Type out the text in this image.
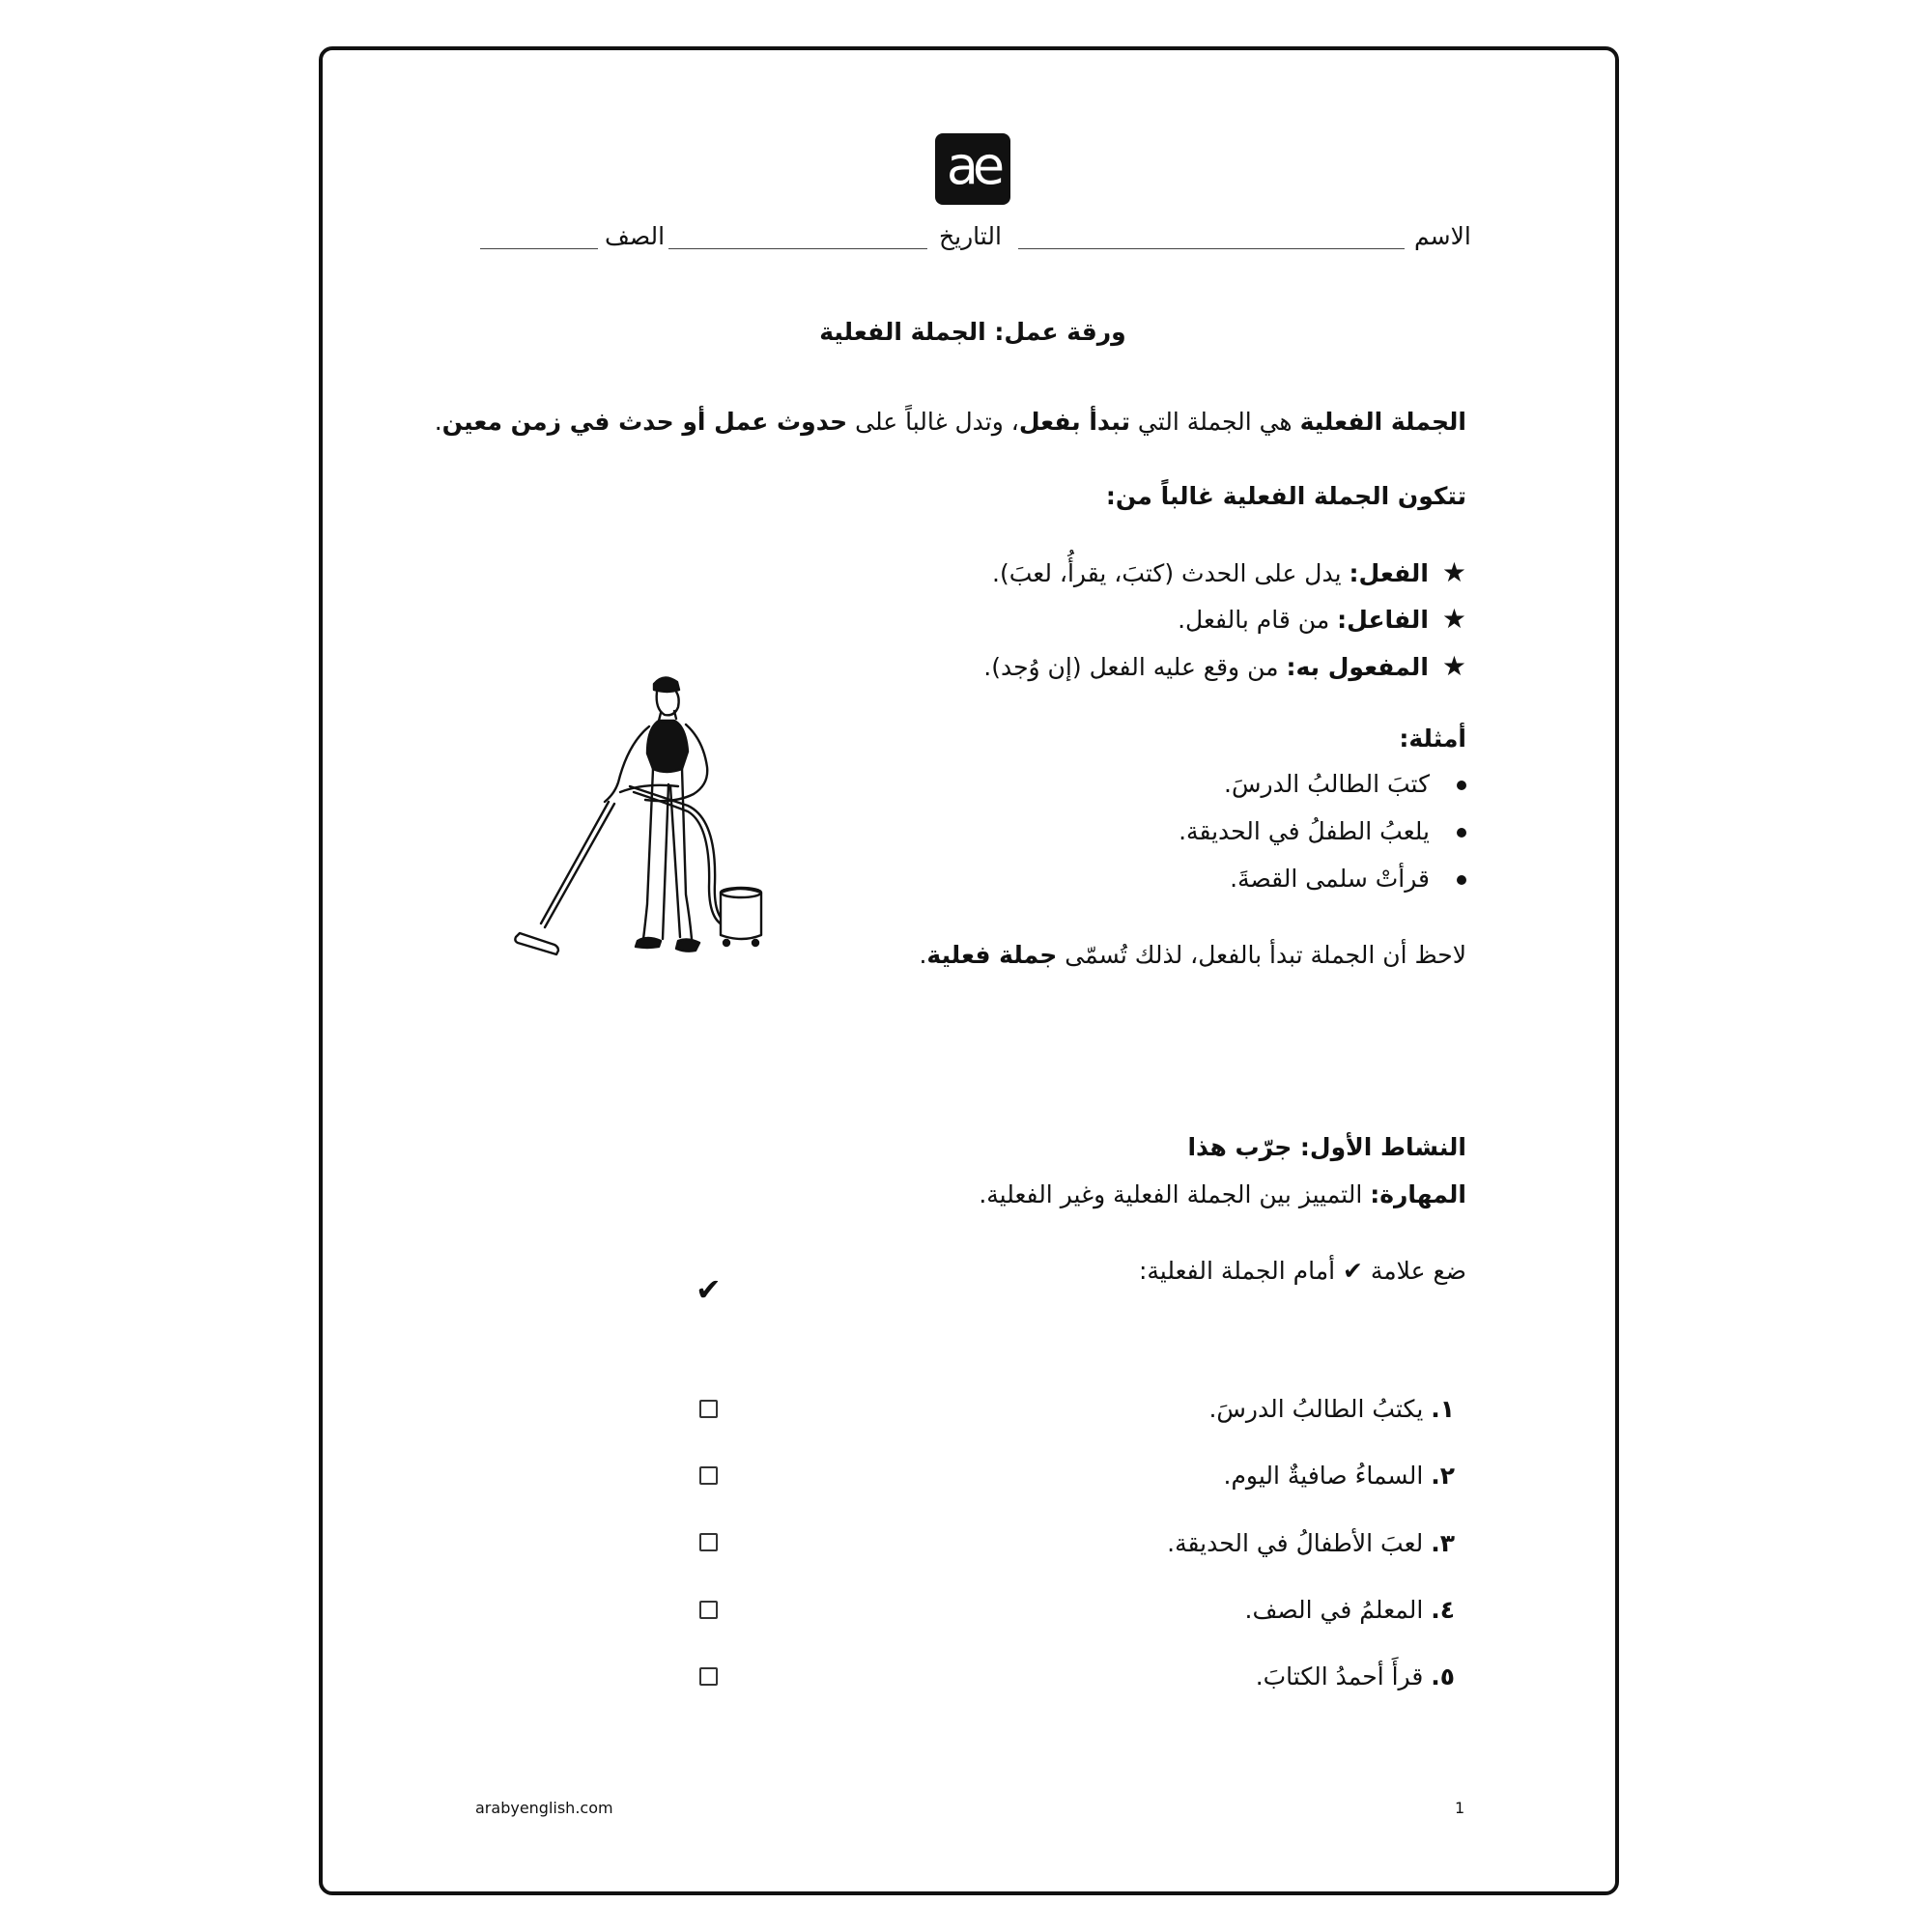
ae
الاسم
التاريخ
الصف
ورقة عمل: الجملة الفعلية
الجملة الفعلية هي الجملة التي تبدأ بفعل، وتدل غالباً على حدوث عمل أو حدث في زمن معين.
تتكون الجملة الفعلية غالباً من:
★الفعل: يدل على الحدث (كتبَ، يقرأُ، لعبَ).
★الفاعل: من قام بالفعل.
★المفعول به: من وقع عليه الفعل (إن وُجد).
أمثلة:
كتبَ الطالبُ الدرسَ.
يلعبُ الطفلُ في الحديقة.
قرأتْ سلمى القصةَ.
لاحظ أن الجملة تبدأ بالفعل، لذلك تُسمّى جملة فعلية.
النشاط الأول: جرّب هذا
المهارة: التمييز بين الجملة الفعلية وغير الفعلية.
ضع علامة ✔ أمام الجملة الفعلية:
✔
١. يكتبُ الطالبُ الدرسَ.
٢. السماءُ صافيةٌ اليوم.
٣. لعبَ الأطفالُ في الحديقة.
٤. المعلمُ في الصف.
٥. قرأَ أحمدُ الكتابَ.
arabyenglish.com	1
